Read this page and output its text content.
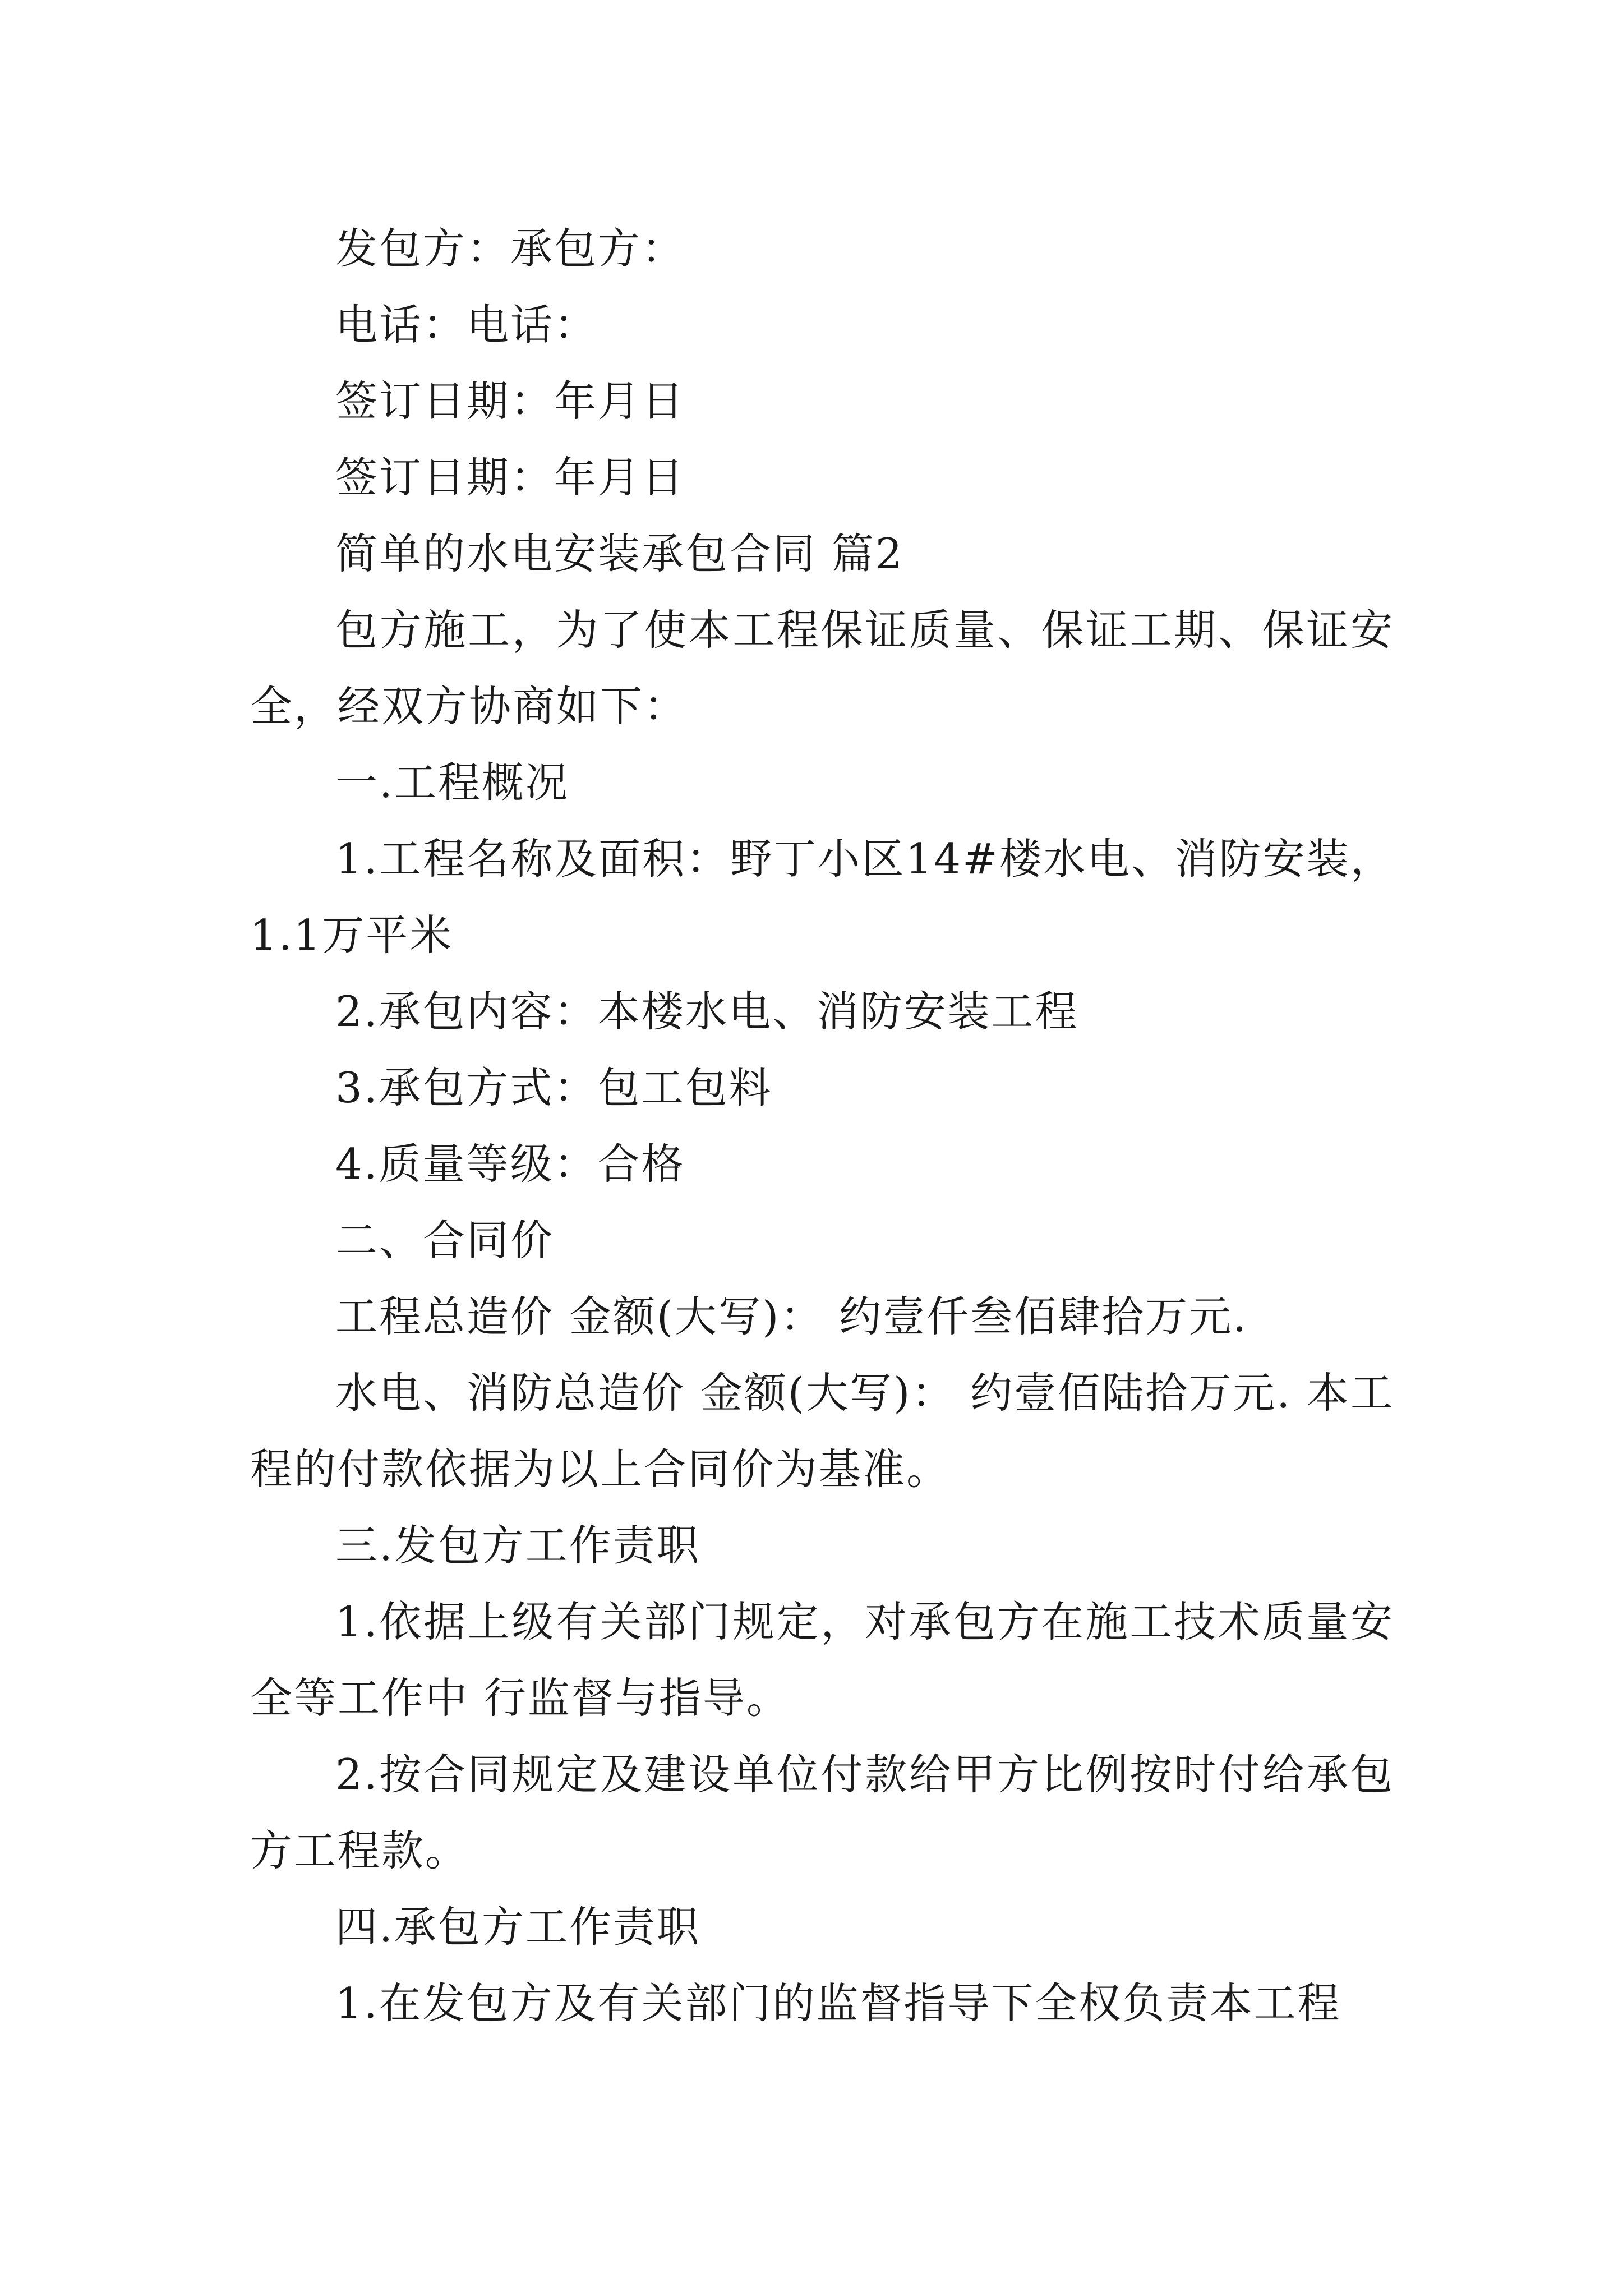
发包方：承包方：

电话：电话：

签订日期：年月日

签订日期：年月日

简单的水电安装承包合同 篇2

包方施工，为了使本工程保证质量、保证工期、保证安全，经双方协商如下：

一.工程概况

1.工程名称及面积：野丁小区14#楼水电、消防安装，1.1万平米

2.承包内容：本楼水电、消防安装工程

3.承包方式：包工包料

4.质量等级：合格

二、合同价

工程总造价 金额(大写)： 约壹仟叁佰肆拾万元.

水电、消防总造价 金额(大写)： 约壹佰陆拾万元. 本工程的付款依据为以上合同价为基准。

三.发包方工作责职

1.依据上级有关部门规定，对承包方在施工技术质量安全等工作中 行监督与指导。

2.按合同规定及建设单位付款给甲方比例按时付给承包方工程款。

四.承包方工作责职

1.在发包方及有关部门的监督指导下全权负责本工程
